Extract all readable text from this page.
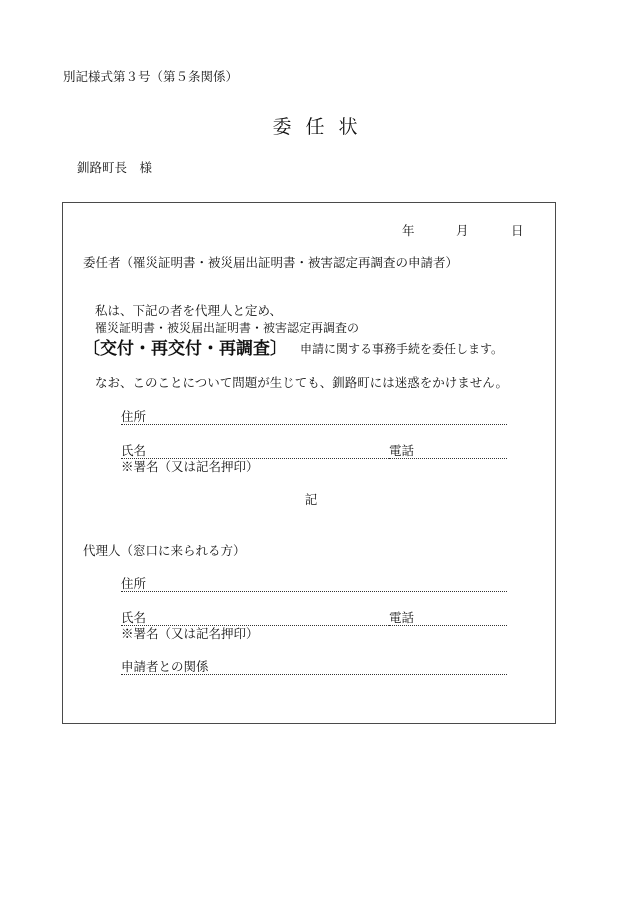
別記様式第３号（第５条関係）
委任状
釧路町長　様
年	月	日
委任者（罹災証明書・被災届出証明書・被害認定再調査の申請者）
私は、下記の者を代理人と定め、
罹災証明書・被災届出証明書・被害認定再調査の
〔交付・再交付・再調査〕 申請に関する事務手続を委任します。
なお、このことについて問題が生じても、釧路町には迷惑をかけません。
住所
氏名	電話
※署名（又は記名押印）
記
代理人（窓口に来られる方）
住所
氏名	電話
※署名（又は記名押印）
申請者との関係
